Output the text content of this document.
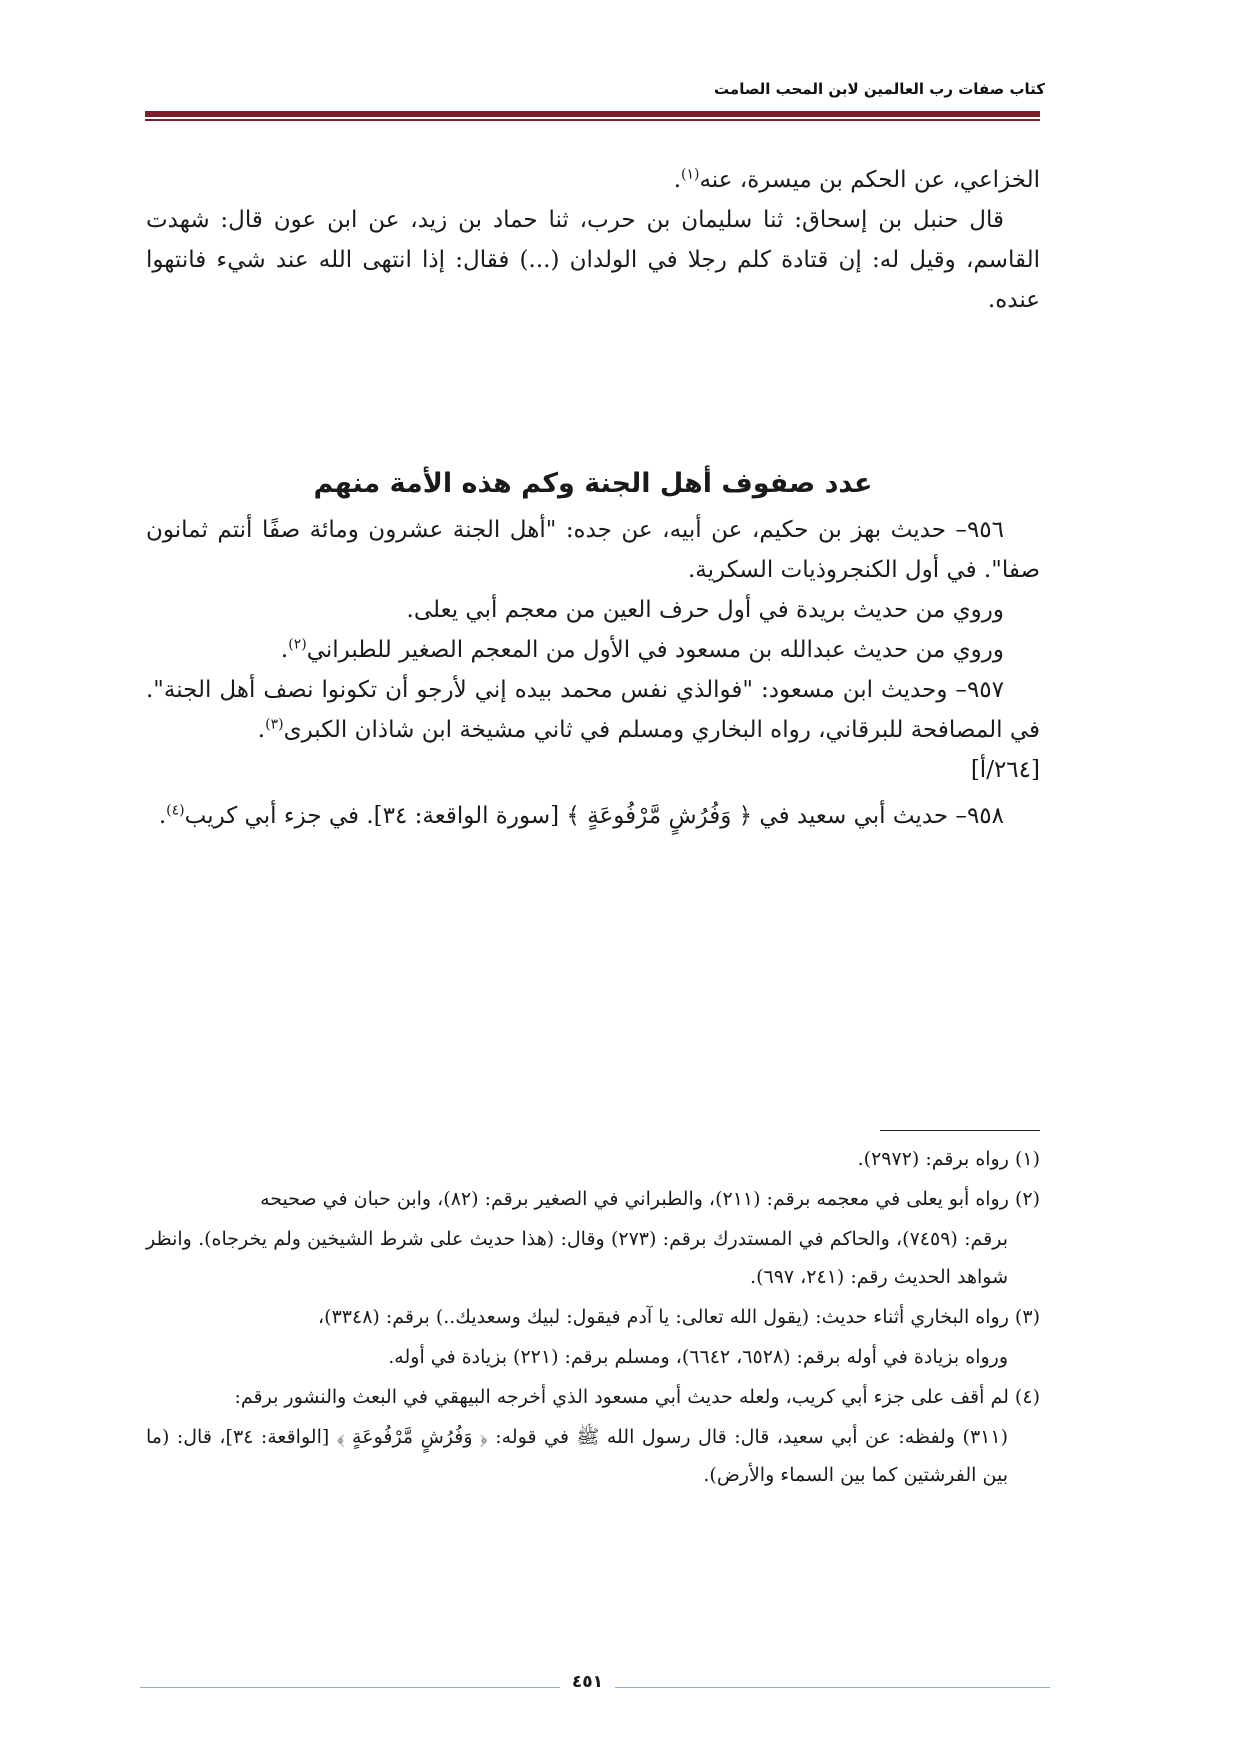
كتاب صفات رب العالمين لابن المحب الصامت

الخزاعي، عن الحكم بن ميسرة، عنه$^{(١)}$.

قال حنبل بن إسحاق: ثنا سليمان بن حرب، ثنا حماد بن زيد، عن ابن عون قال: شهدت القاسم، وقيل له: إن قتادة كلم رجلا في الولدان (...) فقال: إذا انتهى الله عند شيء فانتهوا عنده.

عدد صفوف أهل الجنة وكم هذه الأمة منهم

٩٥٦– حديث بهز بن حكيم، عن أبيه، عن جده: "أهل الجنة عشرون ومائة صفًا أنتم ثمانون صفا". في أول الكنجروذيات السكرية.

وروي من حديث بريدة في أول حرف العين من معجم أبي يعلى.

وروي من حديث عبدالله بن مسعود في الأول من المعجم الصغير للطبراني$^{(٢)}$.

٩٥٧– وحديث ابن مسعود: "فوالذي نفس محمد بيده إني لأرجو أن تكونوا نصف أهل الجنة". في المصافحة للبرقاني، رواه البخاري ومسلم في ثاني مشيخة ابن شاذان الكبرى$^{(٣)}$.

[٢٦٤/أ]

٩٥٨– حديث أبي سعيد في ﴿ وَفُرُشٍ مَّرْفُوعَةٍ ﴾ [سورة الواقعة: ٣٤]. في جزء أبي كريب$^{(٤)}$.

(١) رواه برقم: (٢٩٧٢).

(٢) رواه أبو يعلى في معجمه برقم: (٢١١)، والطبراني في الصغير برقم: (٨٢)، وابن حبان في صحيحه

برقم: (٧٤٥٩)، والحاكم في المستدرك برقم: (٢٧٣) وقال: (هذا حديث على شرط الشيخين ولم يخرجاه). وانظر شواهد الحديث رقم: (٢٤١، ٦٩٧).

(٣) رواه البخاري أثناء حديث: (يقول الله تعالى: يا آدم فيقول: لبيك وسعديك..) برقم: (٣٣٤٨)،

ورواه بزيادة في أوله برقم: (٦٥٢٨، ٦٦٤٢)، ومسلم برقم: (٢٢١) بزيادة في أوله.

(٤) لم أقف على جزء أبي كريب، ولعله حديث أبي مسعود الذي أخرجه البيهقي في البعث والنشور برقم:

(٣١١) ولفظه: عن أبي سعيد، قال: قال رسول الله ﷺ في قوله: ﴿ وَفُرُشٍ مَّرْفُوعَةٍ ﴾ [الواقعة: ٣٤]، قال: (ما بين الفرشتين كما بين السماء والأرض).

٤٥١
